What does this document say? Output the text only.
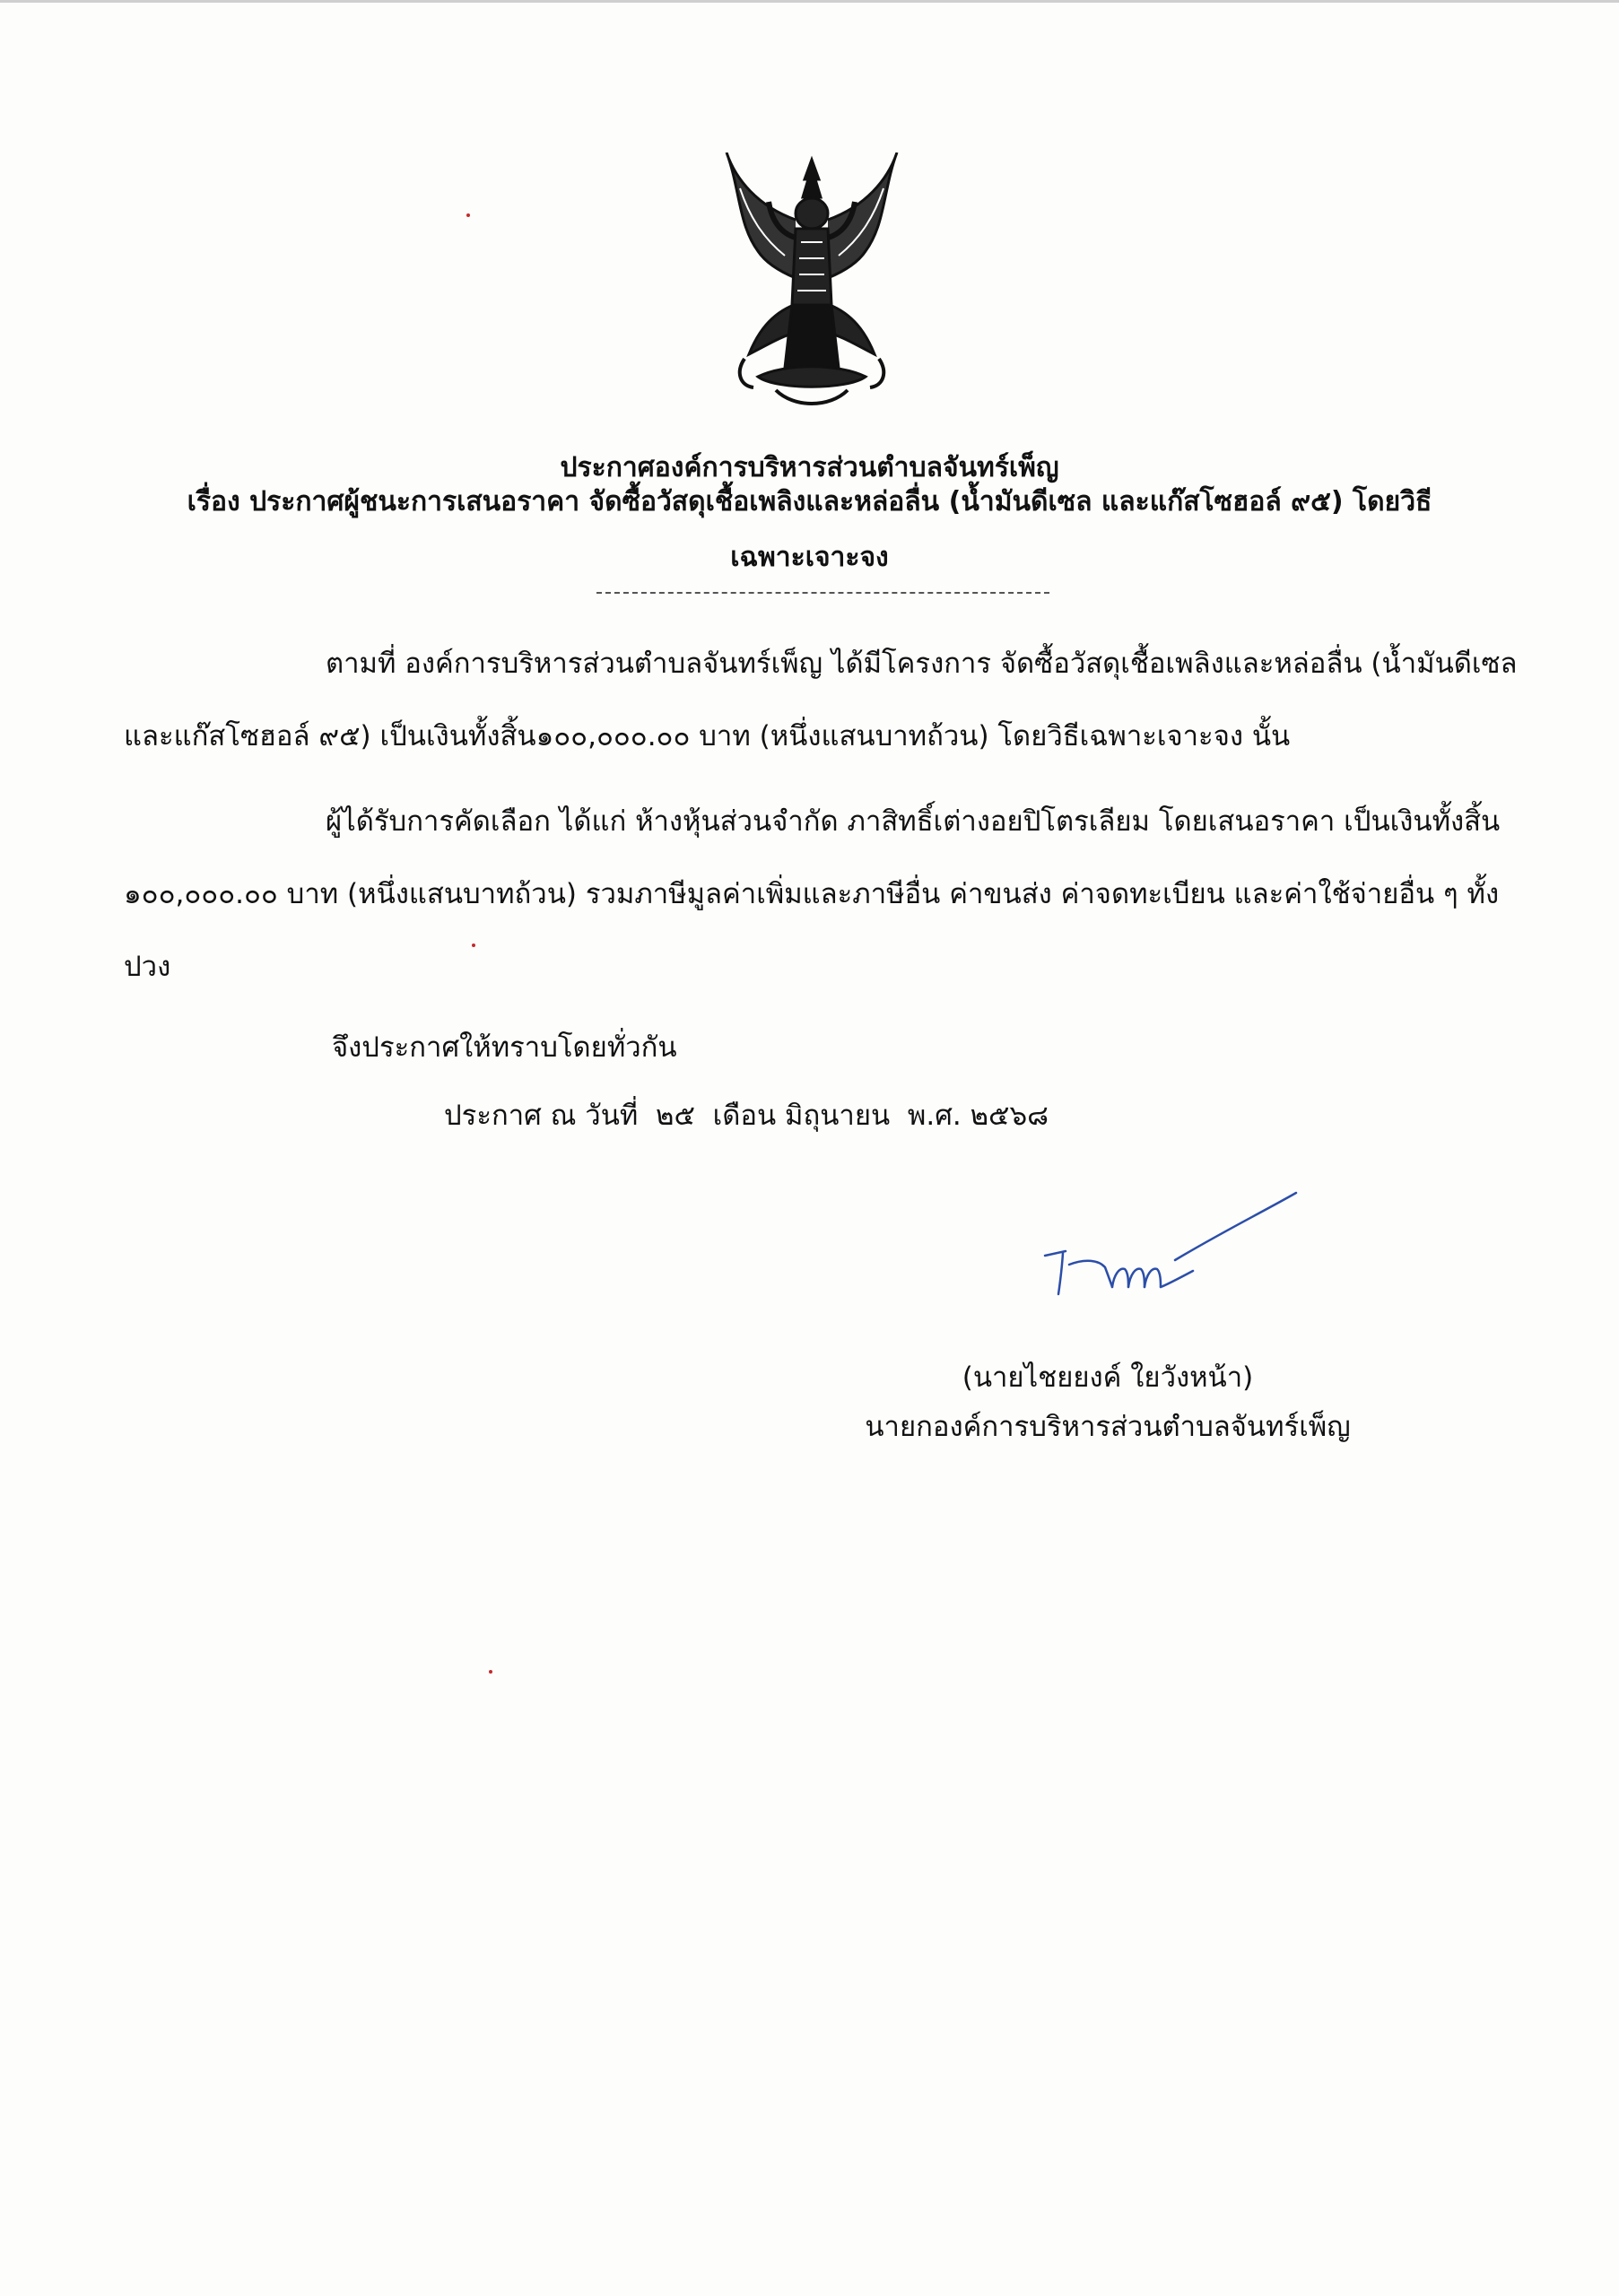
ประกาศองค์การบริหารส่วนตำบลจันทร์เพ็ญ
เรื่อง ประกาศผู้ชนะการเสนอราคา จัดซื้อวัสดุเชื้อเพลิงและหล่อลื่น (น้ำมันดีเซล และแก๊สโซฮอล์ ๙๕) โดยวิธี
เฉพาะเจาะจง
ตามที่ องค์การบริหารส่วนตำบลจันทร์เพ็ญ ได้มีโครงการ จัดซื้อวัสดุเชื้อเพลิงและหล่อลื่น (น้ำมันดีเซล และแก๊สโซฮอล์ ๙๕) เป็นเงินทั้งสิ้น๑๐๐,๐๐๐.๐๐ บาท (หนึ่งแสนบาทถ้วน) โดยวิธีเฉพาะเจาะจง นั้น
ผู้ได้รับการคัดเลือก ได้แก่ ห้างหุ้นส่วนจำกัด ภาสิทธิ์เต่างอยปิโตรเลียม โดยเสนอราคา เป็นเงินทั้งสิ้น ๑๐๐,๐๐๐.๐๐ บาท (หนึ่งแสนบาทถ้วน) รวมภาษีมูลค่าเพิ่มและภาษีอื่น ค่าขนส่ง ค่าจดทะเบียน และค่าใช้จ่ายอื่น ๆ ทั้งปวง
จึงประกาศให้ทราบโดยทั่วกัน
ประกาศ ณ วันที่  ๒๕  เดือน มิถุนายน  พ.ศ. ๒๕๖๘
(นายไชยยงค์ ใยวังหน้า)
นายกองค์การบริหารส่วนตำบลจันทร์เพ็ญ
